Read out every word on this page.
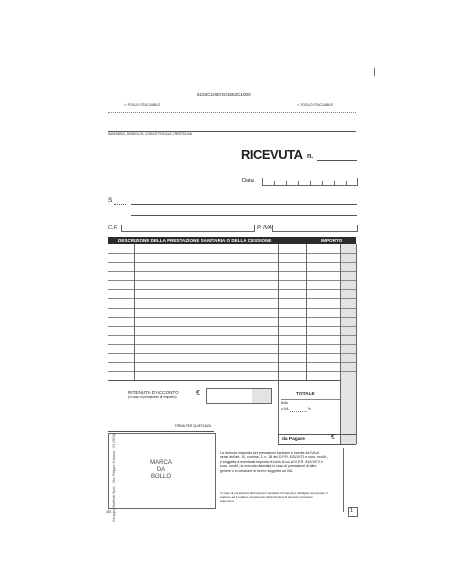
6153C1000-D/1653C1000
✂ FOGLIO STACCABILE	✂ FOGLIO STACCABILE
SANITARIO, DOMICILIO, CODICE FISCALE, PARTITA IVA
RICEVUTA n.
Data
S
C.F.	P. IVA
DESCRIZIONE DELLA PRESTAZIONE SANITARIA O DELLA CESSIONE	IMPORTO
RITENUTA D'ACCONTO
(in caso di prestazioni al rimpatrio)	€	TOTALE
Bollo
o IVA	%
da Pagare	€
FIRMA PER QUIETANZA
MARCA
DA
BOLLO
La ricevuta rilasciata per prestazioni sanitarie e esente da IVA ai sensi dell'art. 10, comma, 1, n. 18 del D.P.R. 633/1972 e succ. modif., e soggetta a eventuale imposta di bollo di cui al D.P.R. 642/1972 e succ. modif.; la ricevuta rilasciata in caso di prestazioni di altro genere o in cessione di beni e soggetta ad IVA.
In caso di prestazioni all'impresa il sanitario d'imposta è obbligato ad operare il prelievo ed il relativo versamento della ritenuta di acconto sul lavoro autonomo.
1
Gruppo Buffetti SpA - Via Filippo Caruso, 23 (RM)
392
